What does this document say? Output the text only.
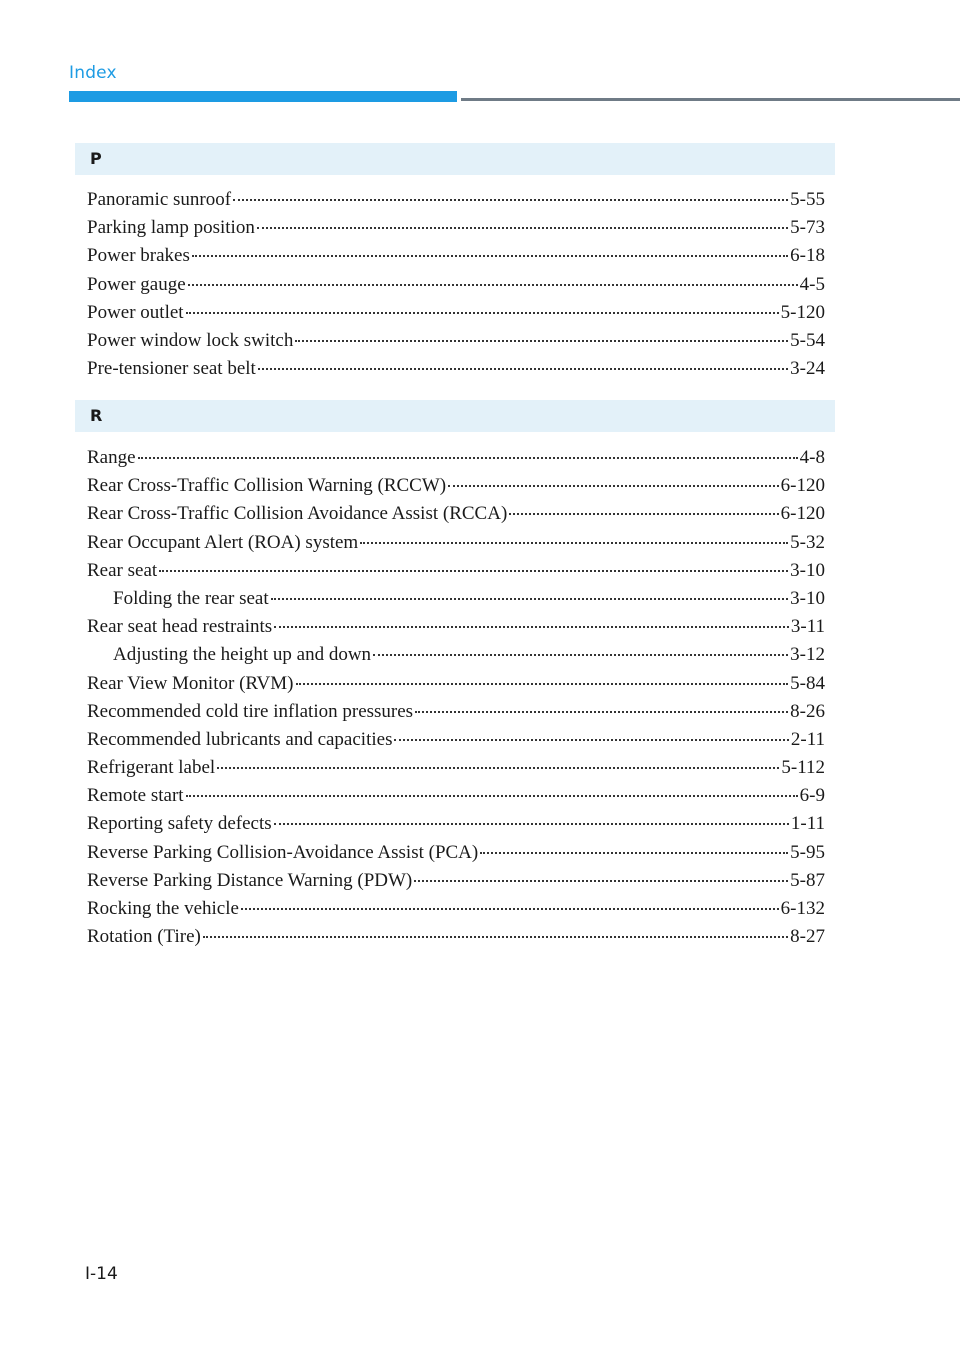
Index
P
Panoramic sunroof	5-55
Parking lamp position	5-73
Power brakes	6-18
Power gauge	4-5
Power outlet	5-120
Power window lock switch	5-54
Pre-tensioner seat belt	3-24
R
Range	4-8
Rear Cross-Traffic Collision Warning (RCCW)	6-120
Rear Cross-Traffic Collision Avoidance Assist (RCCA)	6-120
Rear Occupant Alert (ROA) system	5-32
Rear seat	3-10
Folding the rear seat	3-10
Rear seat head restraints	3-11
Adjusting the height up and down	3-12
Rear View Monitor (RVM)	5-84
Recommended cold tire inflation pressures	8-26
Recommended lubricants and capacities	2-11
Refrigerant label	5-112
Remote start	6-9
Reporting safety defects	1-11
Reverse Parking Collision-Avoidance Assist (PCA)	5-95
Reverse Parking Distance Warning (PDW)	5-87
Rocking the vehicle	6-132
Rotation (Tire)	8-27
I-14
